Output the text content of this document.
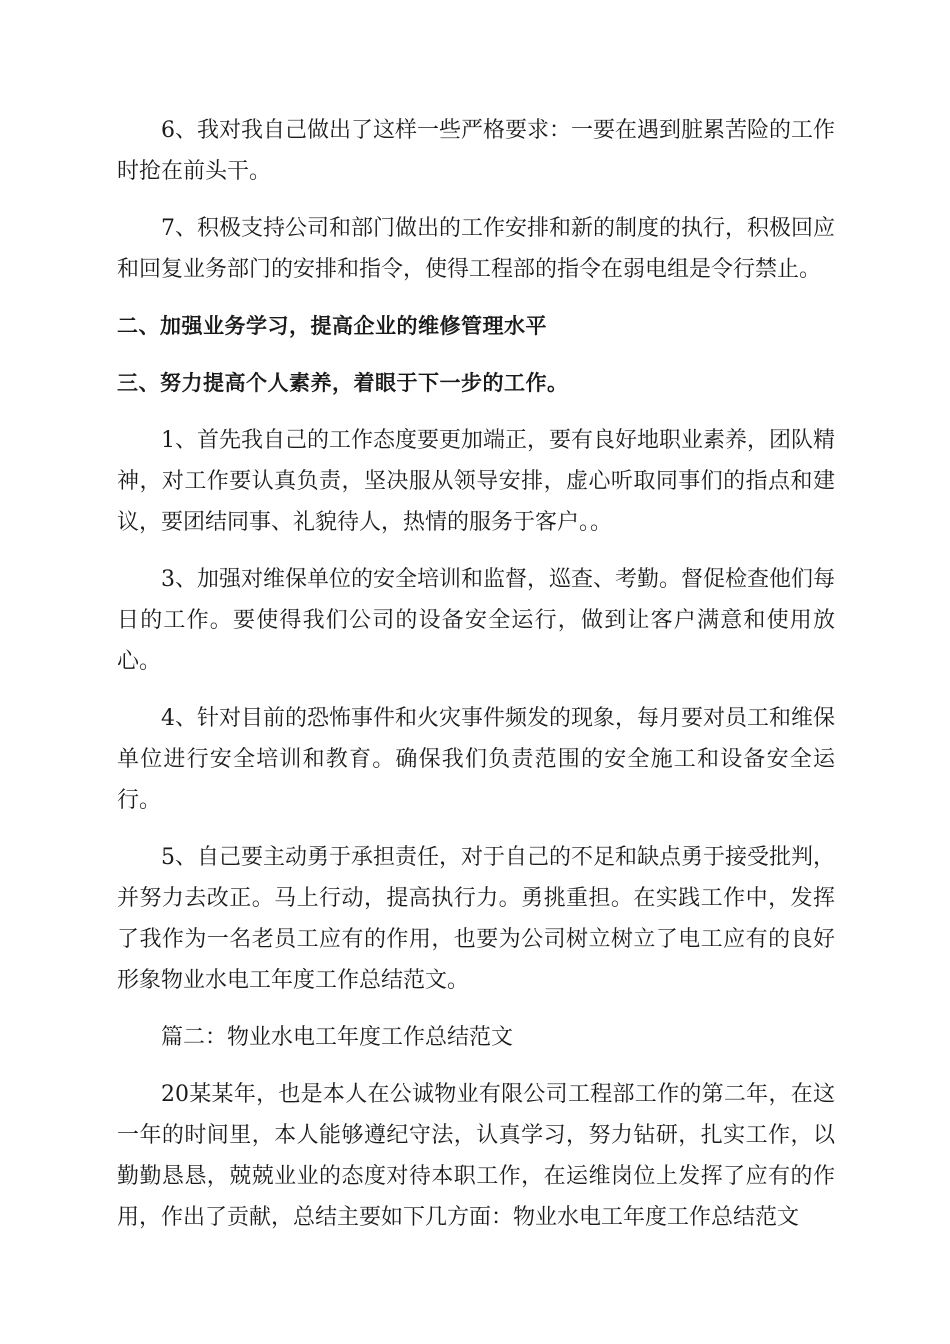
6、我对我自己做出了这样一些严格要求：一要在遇到脏累苦险的工作时抢在前头干。

7、积极支持公司和部门做出的工作安排和新的制度的执行，积极回应和回复业务部门的安排和指令，使得工程部的指令在弱电组是令行禁止。

二、加强业务学习，提高企业的维修管理水平

三、努力提高个人素养，着眼于下一步的工作。

1、首先我自己的工作态度要更加端正，要有良好地职业素养，团队精神，对工作要认真负责，坚决服从领导安排，虚心听取同事们的指点和建议，要团结同事、礼貌待人，热情的服务于客户。。

3、加强对维保单位的安全培训和监督，巡查、考勤。督促检查他们每日的工作。要使得我们公司的设备安全运行，做到让客户满意和使用放心。

4、针对目前的恐怖事件和火灾事件频发的现象，每月要对员工和维保单位进行安全培训和教育。确保我们负责范围的安全施工和设备安全运行。

5、自己要主动勇于承担责任，对于自己的不足和缺点勇于接受批判，并努力去改正。马上行动，提高执行力。勇挑重担。在实践工作中，发挥了我作为一名老员工应有的作用，也要为公司树立树立了电工应有的良好形象物业水电工年度工作总结范文。

篇二：物业水电工年度工作总结范文

20某某年，也是本人在公诚物业有限公司工程部工作的第二年，在这一年的时间里，本人能够遵纪守法，认真学习，努力钻研，扎实工作，以勤勤恳恳，兢兢业业的态度对待本职工作，在运维岗位上发挥了应有的作用，作出了贡献，总结主要如下几方面：物业水电工年度工作总结范文
